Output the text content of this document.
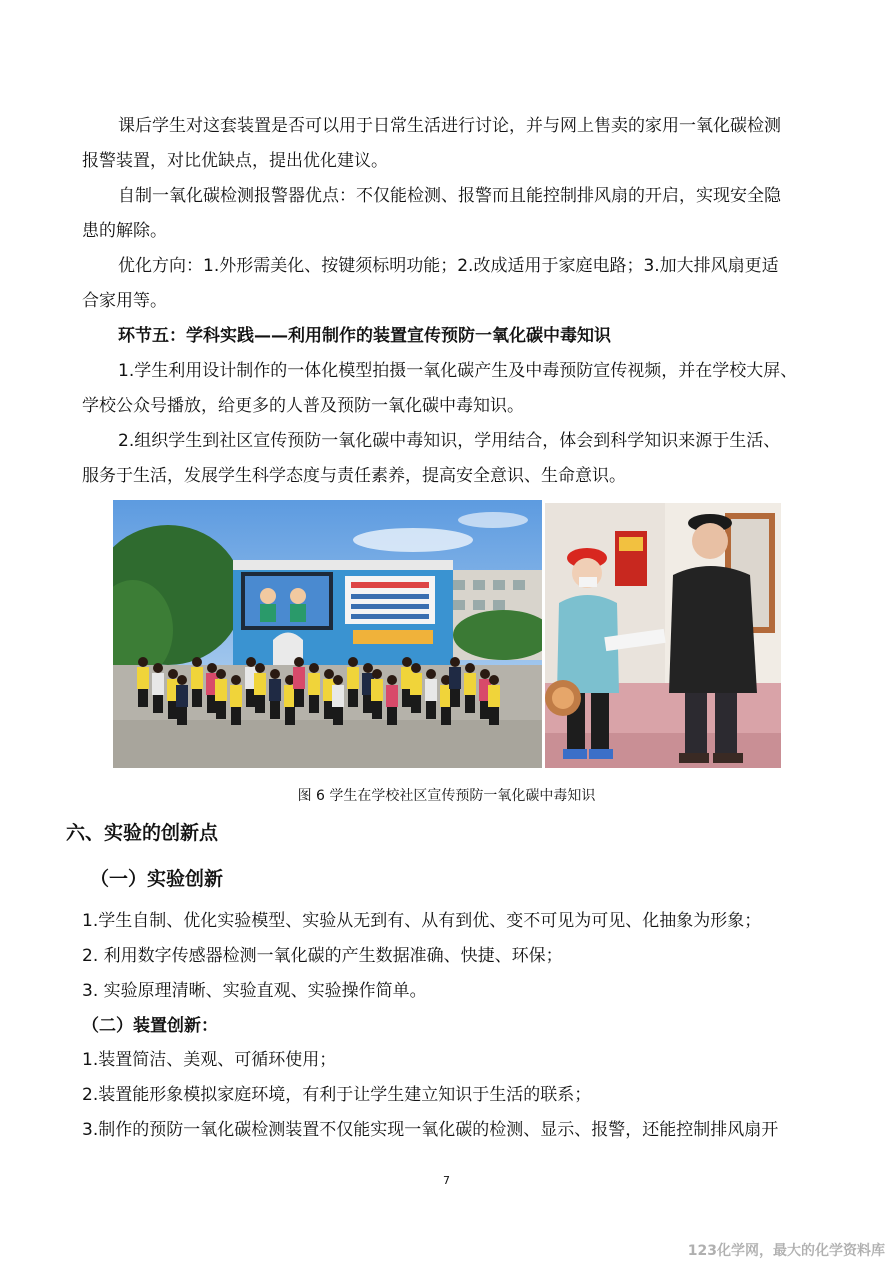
课后学生对这套装置是否可以用于日常生活进行讨论，并与网上售卖的家用一氧化碳检测
报警装置，对比优缺点，提出优化建议。
自制一氧化碳检测报警器优点：不仅能检测、报警而且能控制排风扇的开启，实现安全隐
患的解除。
优化方向：1.外形需美化、按键须标明功能；2.改成适用于家庭电路；3.加大排风扇更适
合家用等。
环节五：学科实践——利用制作的装置宣传预防一氧化碳中毒知识
1.学生利用设计制作的一体化模型拍摄一氧化碳产生及中毒预防宣传视频，并在学校大屏、
学校公众号播放，给更多的人普及预防一氧化碳中毒知识。
2.组织学生到社区宣传预防一氧化碳中毒知识，学用结合，体会到科学知识来源于生活、
服务于生活，发展学生科学态度与责任素养，提高安全意识、生命意识。
图 6 学生在学校社区宣传预防一氧化碳中毒知识
六、实验的创新点
（一）实验创新
1.学生自制、优化实验模型、实验从无到有、从有到优、变不可见为可见、化抽象为形象；
2. 利用数字传感器检测一氧化碳的产生数据准确、快捷、环保；
3. 实验原理清晰、实验直观、实验操作简单。
（二）装置创新：
1.装置简洁、美观、可循环使用；
2.装置能形象模拟家庭环境，有利于让学生建立知识于生活的联系；
3.制作的预防一氧化碳检测装置不仅能实现一氧化碳的检测、显示、报警，还能控制排风扇开
7
123化学网，最大的化学资料库
